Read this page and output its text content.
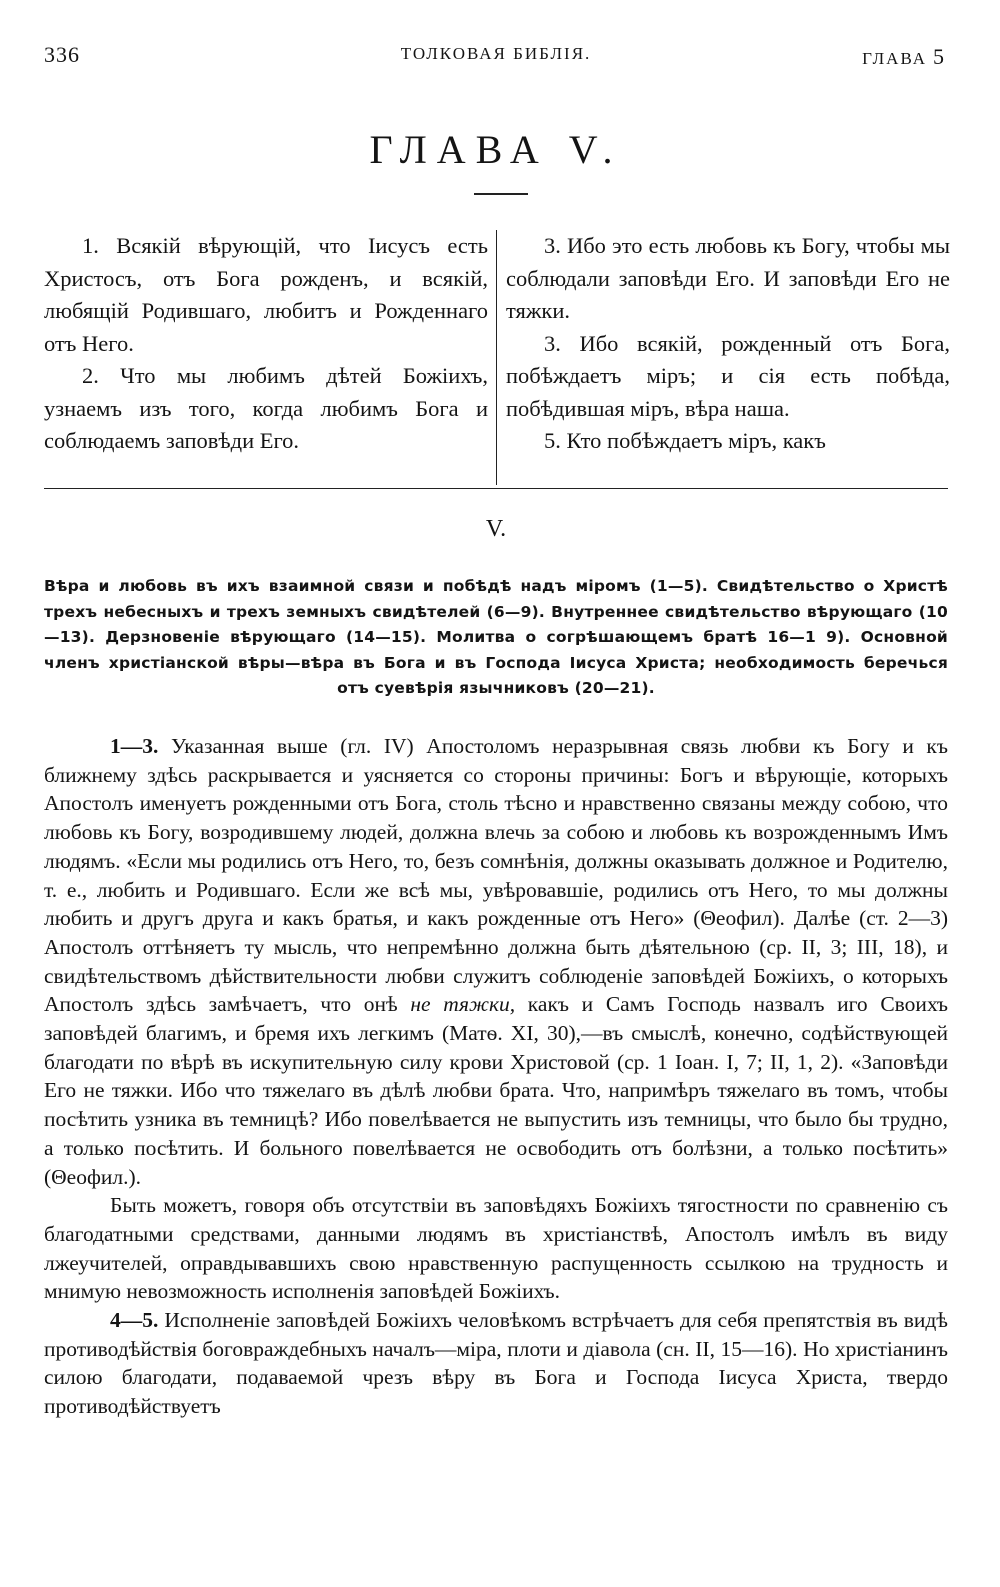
336	ТОЛКОВАЯ БИБЛІЯ.	ГЛАВА 5
ГЛАВА V.

1. Всякій вѣрующій, что Іисусъ есть Христосъ, отъ Бога рожденъ, и всякій, любящій Родившаго, любитъ и Рожденнаго отъ Него.

2. Что мы любимъ дѣтей Божіихъ, узнаемъ изъ того, когда любимъ Бога и соблюдаемъ заповѣди Его.

3. Ибо это есть любовь къ Богу, чтобы мы соблюдали заповѣди Его. И заповѣди Его не тяжки.

3. Ибо всякій, рожденный отъ Бога, побѣждаетъ міръ; и сія есть побѣда, побѣдившая міръ, вѣра наша.

5. Кто побѣждаетъ міръ, какъ

V.
Вѣра и любовь въ ихъ взаимной связи и побѣдѣ надъ міромъ (1—5). Свидѣтельство о Христѣ трехъ небесныхъ и трехъ земныхъ свидѣтелей (6—9). Внутреннее свидѣтельство вѣрующаго (10—13). Дерзновеніе вѣрующаго (14—15). Молитва о согрѣшающемъ братѣ 16—1 9). Основной членъ христіанской вѣры—вѣра въ Бога и въ Господа Іисуса Христа; необходимость беречься отъ суевѣрія язычниковъ (20—21).

1—3. Указанная выше (гл. IV) Апостоломъ неразрывная связь любви къ Богу и къ ближнему здѣсь раскрывается и уясняется со стороны причины: Богъ и вѣрующіе, которыхъ Апостолъ именуетъ рожденными отъ Бога, столь тѣсно и нравственно связаны между собою, что любовь къ Богу, возродившему людей, должна влечь за собою и любовь къ возрожденнымъ Имъ людямъ. «Если мы родились отъ Него, то, безъ сомнѣнія, должны оказывать должное и Родителю, т. е., любить и Родившаго. Если же всѣ мы, увѣровавшіе, родились отъ Него, то мы должны любить и другъ друга и какъ братья, и какъ рожденные отъ Него» (Θеофил). Далѣе (ст. 2—3) Апостолъ оттѣняетъ ту мысль, что непремѣнно должна быть дѣятельною (ср. II, 3; III, 18), и свидѣтельствомъ дѣйствительности любви служитъ соблюденіе заповѣдей Божіихъ, о которыхъ Апостолъ здѣсь замѣчаетъ, что онѣ не тяжки, какъ и Самъ Господь назвалъ иго Своихъ заповѣдей благимъ, и бремя ихъ легкимъ (Матѳ. XI, 30),—въ смыслѣ, конечно, содѣйствующей благодати по вѣрѣ въ искупительную силу крови Христовой (ср. 1 Іоан. I, 7; II, 1, 2). «Заповѣди Его не тяжки. Ибо что тяжелаго въ дѣлѣ любви брата. Что, напримѣръ тяжелаго въ томъ, чтобы посѣтить узника въ темницѣ? Ибо повелѣвается не выпустить изъ темницы, что было бы трудно, а только посѣтить. И больного повелѣвается не освободить отъ болѣзни, а только посѣтить» (Θеофил.).

Быть можетъ, говоря объ отсутствіи въ заповѣдяхъ Божіихъ тягостности по сравненію съ благодатными средствами, данными людямъ въ христіанствѣ, Апостолъ имѣлъ въ виду лжеучителей, оправдывавшихъ свою нравственную распущенность ссылкою на трудность и мнимую невозможность исполненія заповѣдей Божіихъ.

4—5. Исполненіе заповѣдей Божіихъ человѣкомъ встрѣчаетъ для себя препятствія въ видѣ противодѣйствія боговраждебныхъ началъ—міра, плоти и діавола (сн. II, 15—16). Но христіанинъ силою благодати, подаваемой чрезъ вѣру въ Бога и Господа Іисуса Христа, твердо противодѣйствуетъ
